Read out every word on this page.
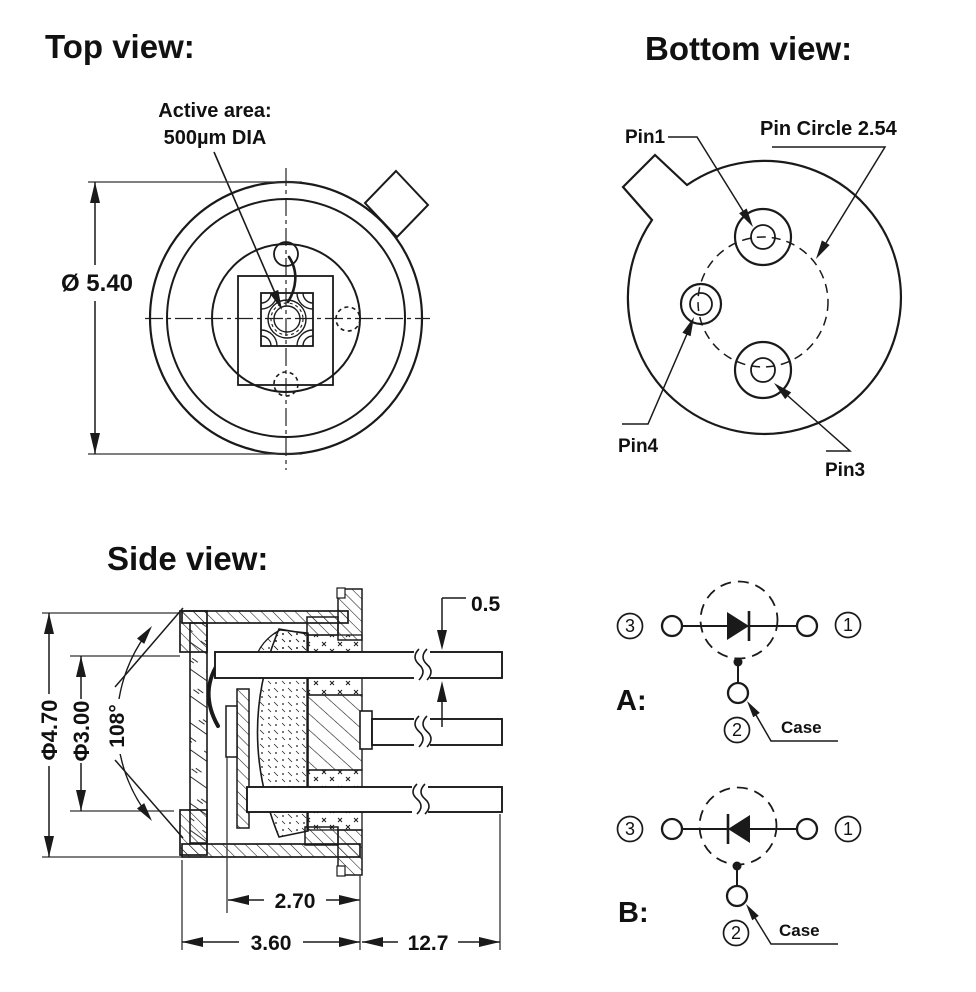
Top view:
Active area:
500µm DIA
Ø 5.40
Bottom view:
Pin1	Pin Circle 2.54
Pin4
Pin3
Side view:
Φ4.70 Φ3.00 108°
0.5
2.70
3.60	12.7
A:
3	1
2 Case
B:
3	1
2 Case
